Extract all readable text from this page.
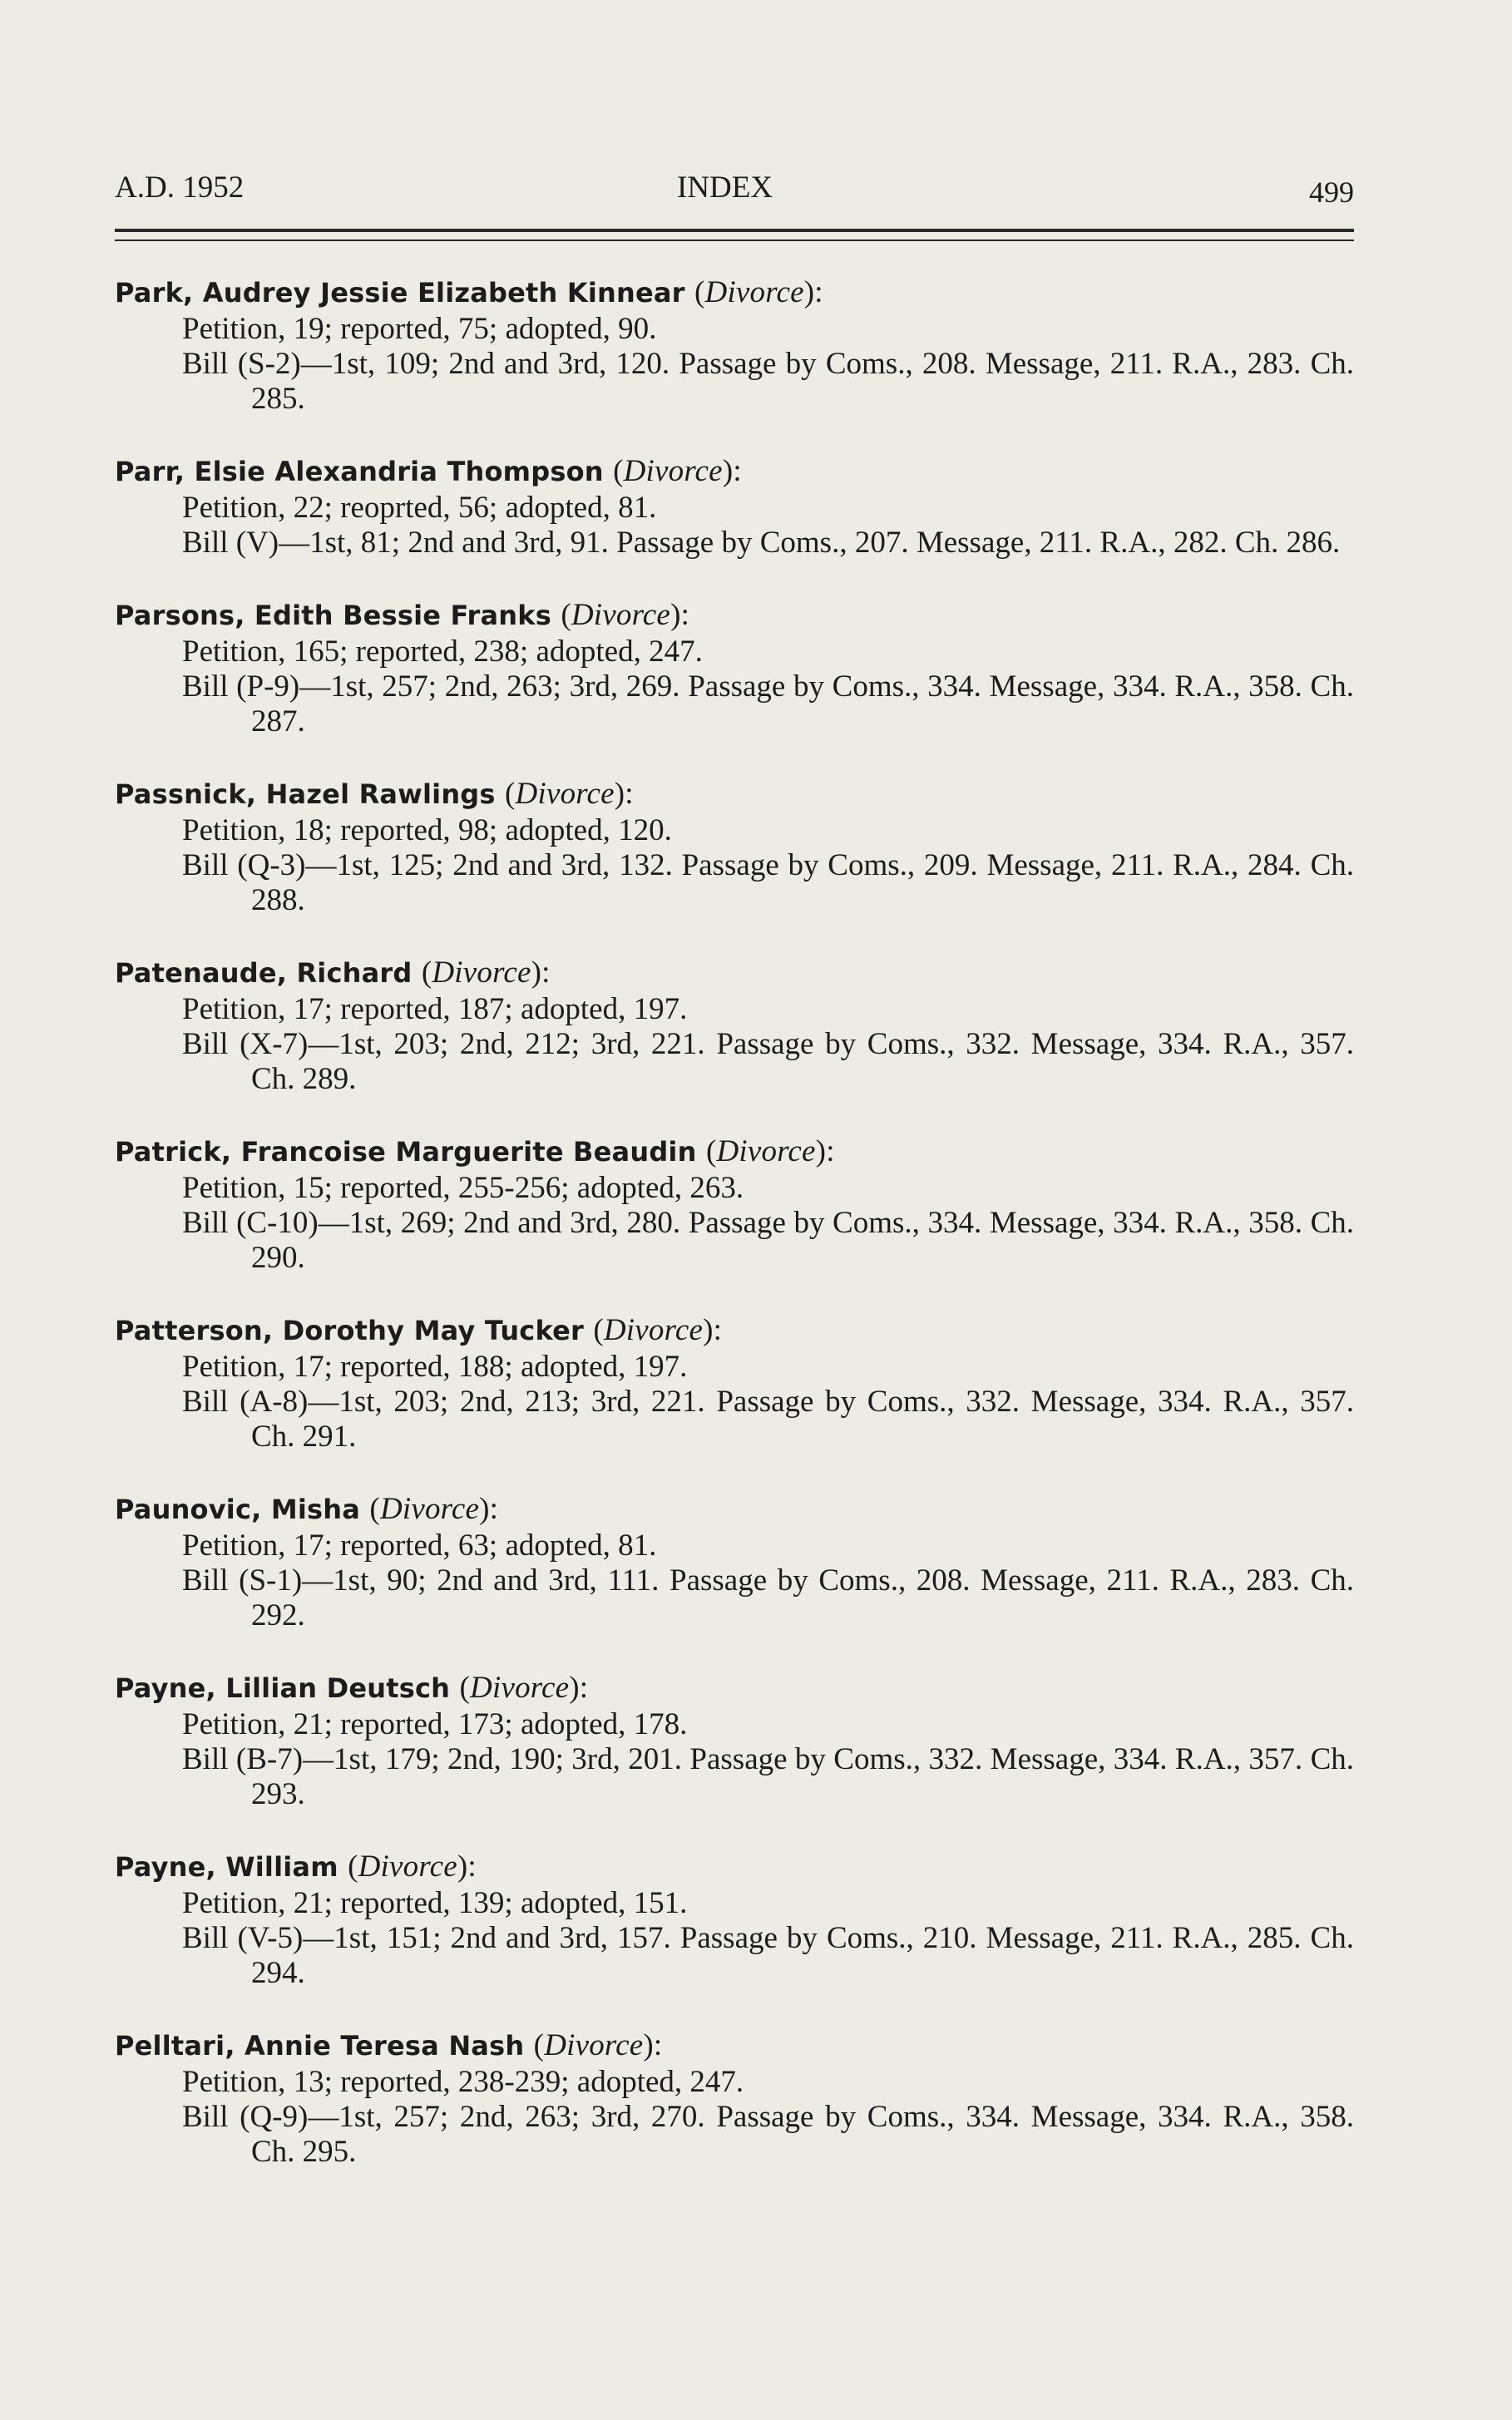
A.D. 1952	INDEX	499
Park, Audrey Jessie Elizabeth Kinnear (Divorce):
Petition, 19; reported, 75; adopted, 90.
Bill (S-2)—1st, 109; 2nd and 3rd, 120. Passage by Coms., 208. Message, 211. R.A., 283. Ch. 285.
Parr, Elsie Alexandria Thompson (Divorce):
Petition, 22; reoprted, 56; adopted, 81.
Bill (V)—1st, 81; 2nd and 3rd, 91. Passage by Coms., 207. Message, 211. R.A., 282. Ch. 286.
Parsons, Edith Bessie Franks (Divorce):
Petition, 165; reported, 238; adopted, 247.
Bill (P-9)—1st, 257; 2nd, 263; 3rd, 269. Passage by Coms., 334. Message, 334. R.A., 358. Ch. 287.
Passnick, Hazel Rawlings (Divorce):
Petition, 18; reported, 98; adopted, 120.
Bill (Q-3)—1st, 125; 2nd and 3rd, 132. Passage by Coms., 209. Message, 211. R.A., 284. Ch. 288.
Patenaude, Richard (Divorce):
Petition, 17; reported, 187; adopted, 197.
Bill (X-7)—1st, 203; 2nd, 212; 3rd, 221. Passage by Coms., 332. Message, 334. R.A., 357. Ch. 289.
Patrick, Francoise Marguerite Beaudin (Divorce):
Petition, 15; reported, 255-256; adopted, 263.
Bill (C-10)—1st, 269; 2nd and 3rd, 280. Passage by Coms., 334. Message, 334. R.A., 358. Ch. 290.
Patterson, Dorothy May Tucker (Divorce):
Petition, 17; reported, 188; adopted, 197.
Bill (A-8)—1st, 203; 2nd, 213; 3rd, 221. Passage by Coms., 332. Message, 334. R.A., 357. Ch. 291.
Paunovic, Misha (Divorce):
Petition, 17; reported, 63; adopted, 81.
Bill (S-1)—1st, 90; 2nd and 3rd, 111. Passage by Coms., 208. Message, 211. R.A., 283. Ch. 292.
Payne, Lillian Deutsch (Divorce):
Petition, 21; reported, 173; adopted, 178.
Bill (B-7)—1st, 179; 2nd, 190; 3rd, 201. Passage by Coms., 332. Message, 334. R.A., 357. Ch. 293.
Payne, William (Divorce):
Petition, 21; reported, 139; adopted, 151.
Bill (V-5)—1st, 151; 2nd and 3rd, 157. Passage by Coms., 210. Message, 211. R.A., 285. Ch. 294.
Pelltari, Annie Teresa Nash (Divorce):
Petition, 13; reported, 238-239; adopted, 247.
Bill (Q-9)—1st, 257; 2nd, 263; 3rd, 270. Passage by Coms., 334. Message, 334. R.A., 358. Ch. 295.
